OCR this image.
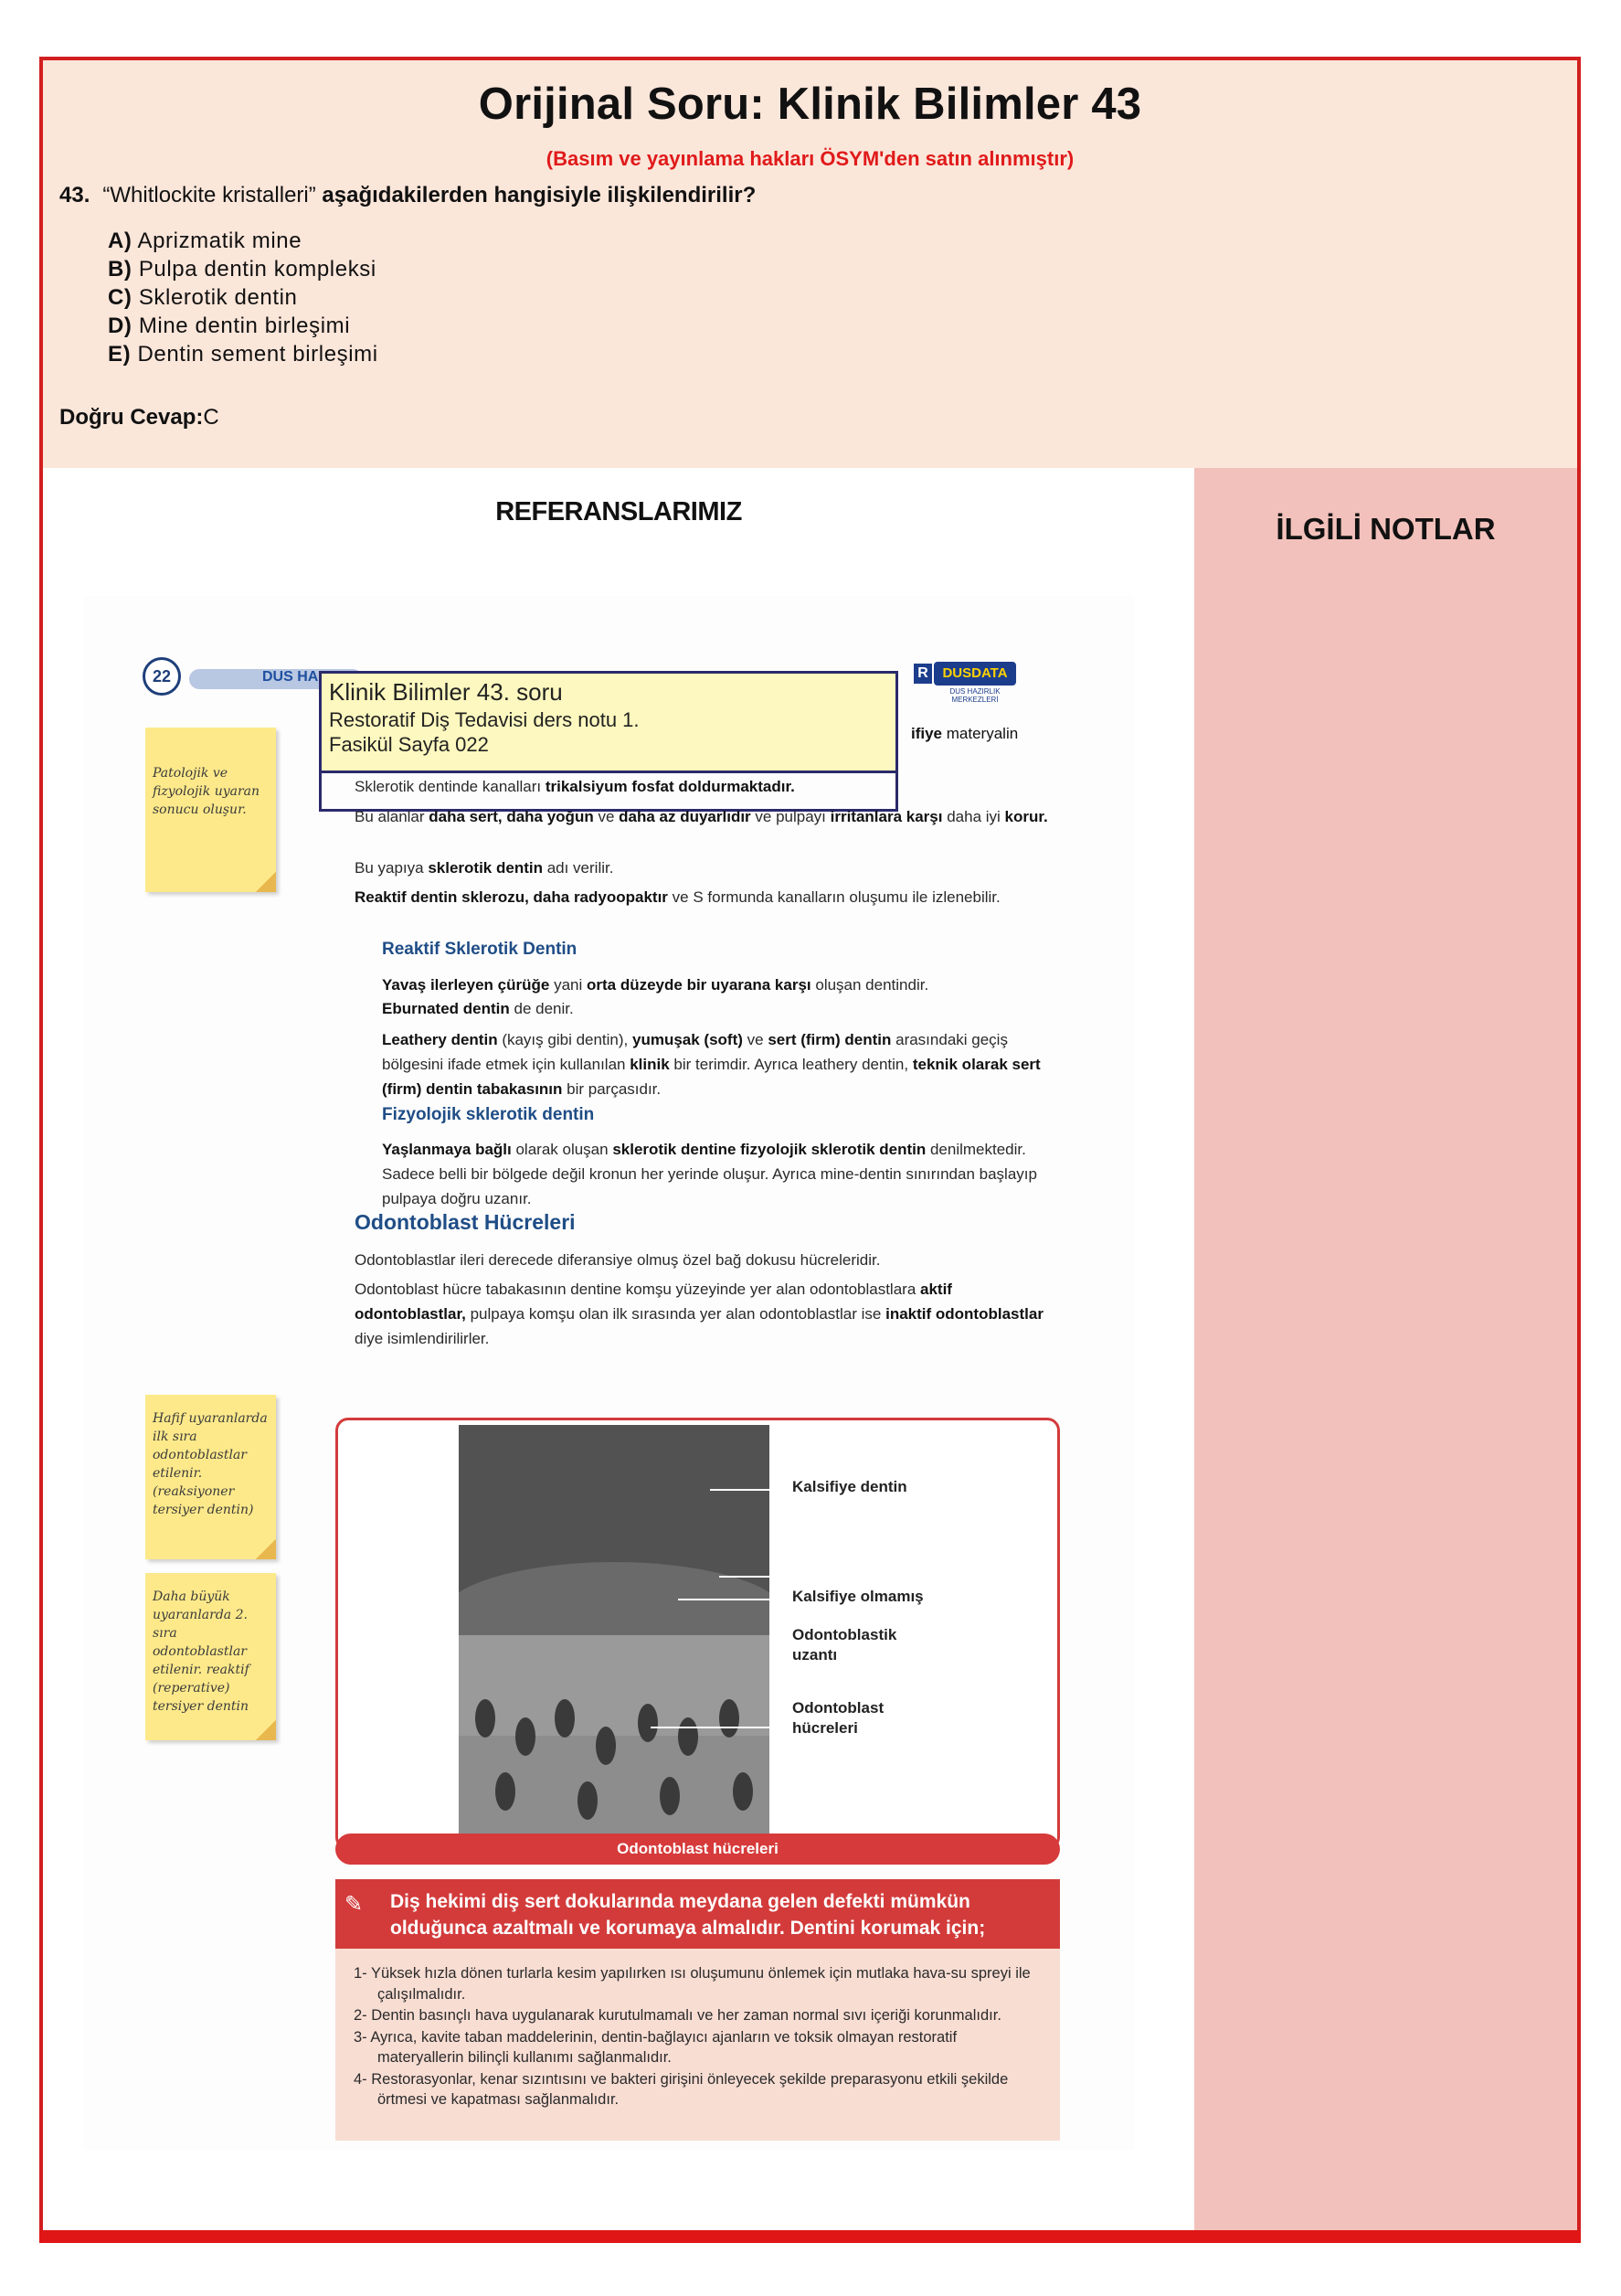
Orijinal Soru: Klinik Bilimler 43
(Basım ve yayınlama hakları ÖSYM'den satın alınmıştır)
43. “Whitlockite kristalleri” aşağıdakilerden hangisiyle ilişkilendirilir?
A) Aprizmatik mine
B) Pulpa dentin kompleksi
C) Sklerotik dentin
D) Mine dentin birleşimi
E) Dentin sement birleşimi
Doğru Cevap:C
REFERANSLARIMIZ	İLGİLİ NOTLAR
DUS HA
22	R	DUSDATA
DUS HAZIRLIK MERKEZLERİ
ifiye materyalin
Klinik Bilimler 43. soru
Restoratif Diş Tedavisi ders notu 1.
Fasikül Sayfa 022
Patolojik ve fizyolojik uyaran sonucu oluşur.
Hafif uyaranlarda ilk sıra odontoblastlar etilenir. (reaksiyoner tersiyer dentin)
Daha büyük uyaranlarda 2. sıra odontoblastlar etilenir. reaktif (reperative) tersiyer dentin
Sklerotik dentinde kanalları trikalsiyum fosfat doldurmaktadır.
Bu alanlar daha sert, daha yoğun ve daha az duyarlıdır ve pulpayı irritanlara karşı daha iyi korur.
Bu yapıya sklerotik dentin adı verilir.
Reaktif dentin sklerozu, daha radyoopaktır ve S formunda kanalların oluşumu ile izlenebilir.
Reaktif Sklerotik Dentin
Yavaş ilerleyen çürüğe yani orta düzeyde bir uyarana karşı oluşan dentindir.
Eburnated dentin de denir.
Leathery dentin (kayış gibi dentin), yumuşak (soft) ve sert (firm) dentin arasındaki geçiş bölgesini ifade etmek için kullanılan klinik bir terimdir. Ayrıca leathery dentin, teknik olarak sert (firm) dentin tabakasının bir parçasıdır.
Fizyolojik sklerotik dentin
Yaşlanmaya bağlı olarak oluşan sklerotik dentine fizyolojik sklerotik dentin denilmektedir. Sadece belli bir bölgede değil kronun her yerinde oluşur. Ayrıca mine-dentin sınırından başlayıp pulpaya doğru uzanır.
Odontoblast Hücreleri
Odontoblastlar ileri derecede diferansiye olmuş özel bağ dokusu hücreleridir.
Odontoblast hücre tabakasının dentine komşu yüzeyinde yer alan odontoblastlara aktif odontoblastlar, pulpaya komşu olan ilk sırasında yer alan odontoblastlar ise inaktif odontoblastlar diye isimlendirilirler.
Kalsifiye dentin
Kalsifiye olmamış
Odontoblastik uzantı
Odontoblast hücreleri
Odontoblast hücreleri
Diş hekimi diş sert dokularında meydana gelen defekti mümkün olduğunca azaltmalı ve korumaya almalıdır. Dentini korumak için;
✎
1- Yüksek hızla dönen turlarla kesim yapılırken ısı oluşumunu önlemek için mutlaka hava-su spreyi ile çalışılmalıdır.
2- Dentin basınçlı hava uygulanarak kurutulmamalı ve her zaman normal sıvı içeriği korunmalıdır.
3- Ayrıca, kavite taban maddelerinin, dentin-bağlayıcı ajanların ve toksik olmayan restoratif materyallerin bilinçli kullanımı sağlanmalıdır.
4- Restorasyonlar, kenar sızıntısını ve bakteri girişini önleyecek şekilde preparasyonu etkili şekilde örtmesi ve kapatması sağlanmalıdır.
